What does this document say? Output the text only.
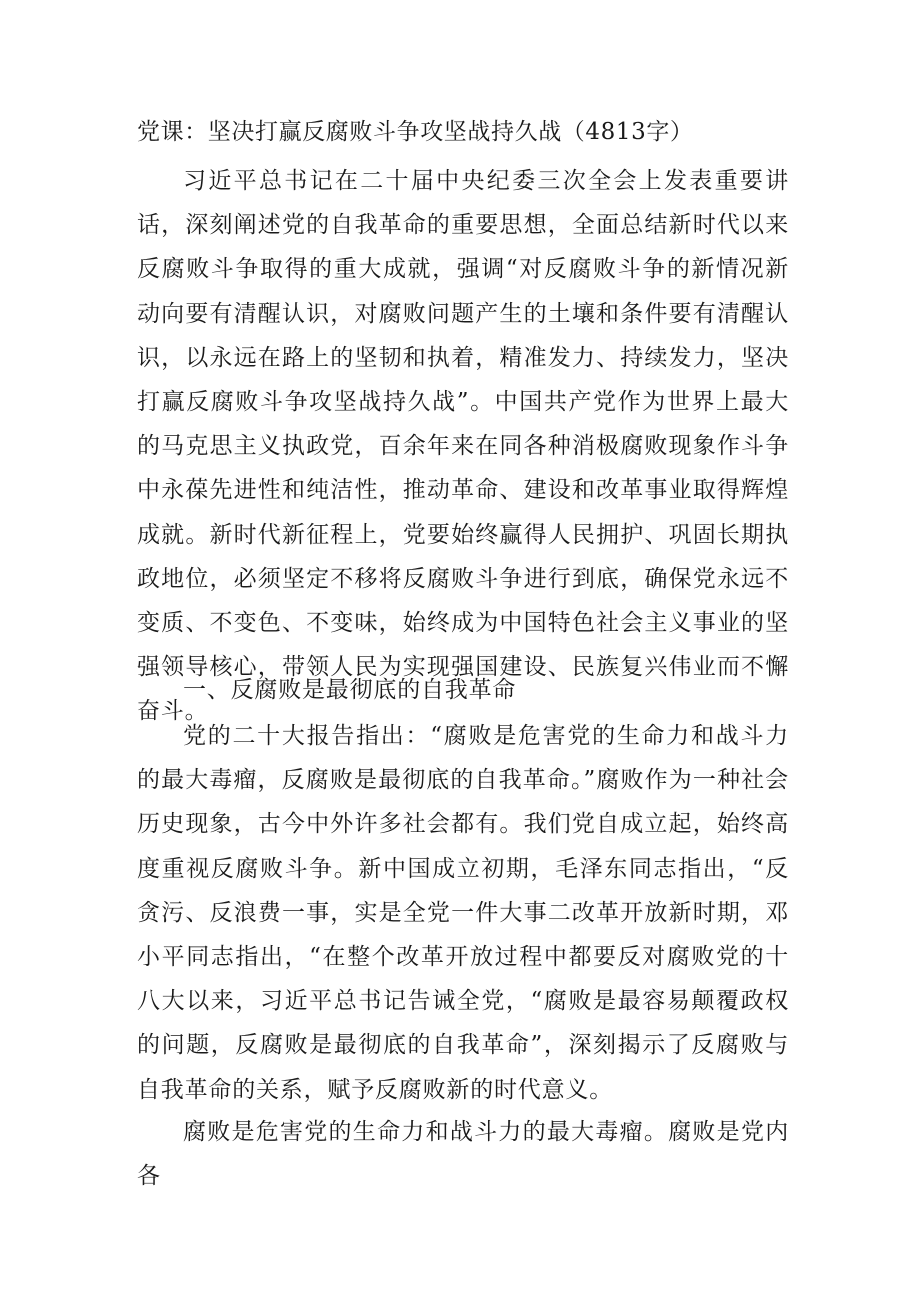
党课：坚决打赢反腐败斗争攻坚战持久战（4813字）

习近平总书记在二十届中央纪委三次全会上发表重要讲话，深刻阐述党的自我革命的重要思想，全面总结新时代以来反腐败斗争取得的重大成就，强调“对反腐败斗争的新情况新动向要有清醒认识，对腐败问题产生的土壤和条件要有清醒认识，以永远在路上的坚韧和执着，精准发力、持续发力，坚决打赢反腐败斗争攻坚战持久战”。中国共产党作为世界上最大的马克思主义执政党，百余年来在同各种消极腐败现象作斗争中永葆先进性和纯洁性，推动革命、建设和改革事业取得辉煌成就。新时代新征程上，党要始终赢得人民拥护、巩固长期执政地位，必须坚定不移将反腐败斗争进行到底，确保党永远不变质、不变色、不变味，始终成为中国特色社会主义事业的坚强领导核心，带领人民为实现强国建设、民族复兴伟业而不懈奋斗。

一、反腐败是最彻底的自我革命

党的二十大报告指出：“腐败是危害党的生命力和战斗力的最大毒瘤，反腐败是最彻底的自我革命。”腐败作为一种社会历史现象，古今中外许多社会都有。我们党自成立起，始终高度重视反腐败斗争。新中国成立初期，毛泽东同志指出，“反贪污、反浪费一事，实是全党一件大事二改革开放新时期，邓小平同志指出，“在整个改革开放过程中都要反对腐败党的十八大以来，习近平总书记告诫全党，“腐败是最容易颠覆政权的问题，反腐败是最彻底的自我革命”，深刻揭示了反腐败与自我革命的关系，赋予反腐败新的时代意义。

腐败是危害党的生命力和战斗力的最大毒瘤。腐败是党内各
